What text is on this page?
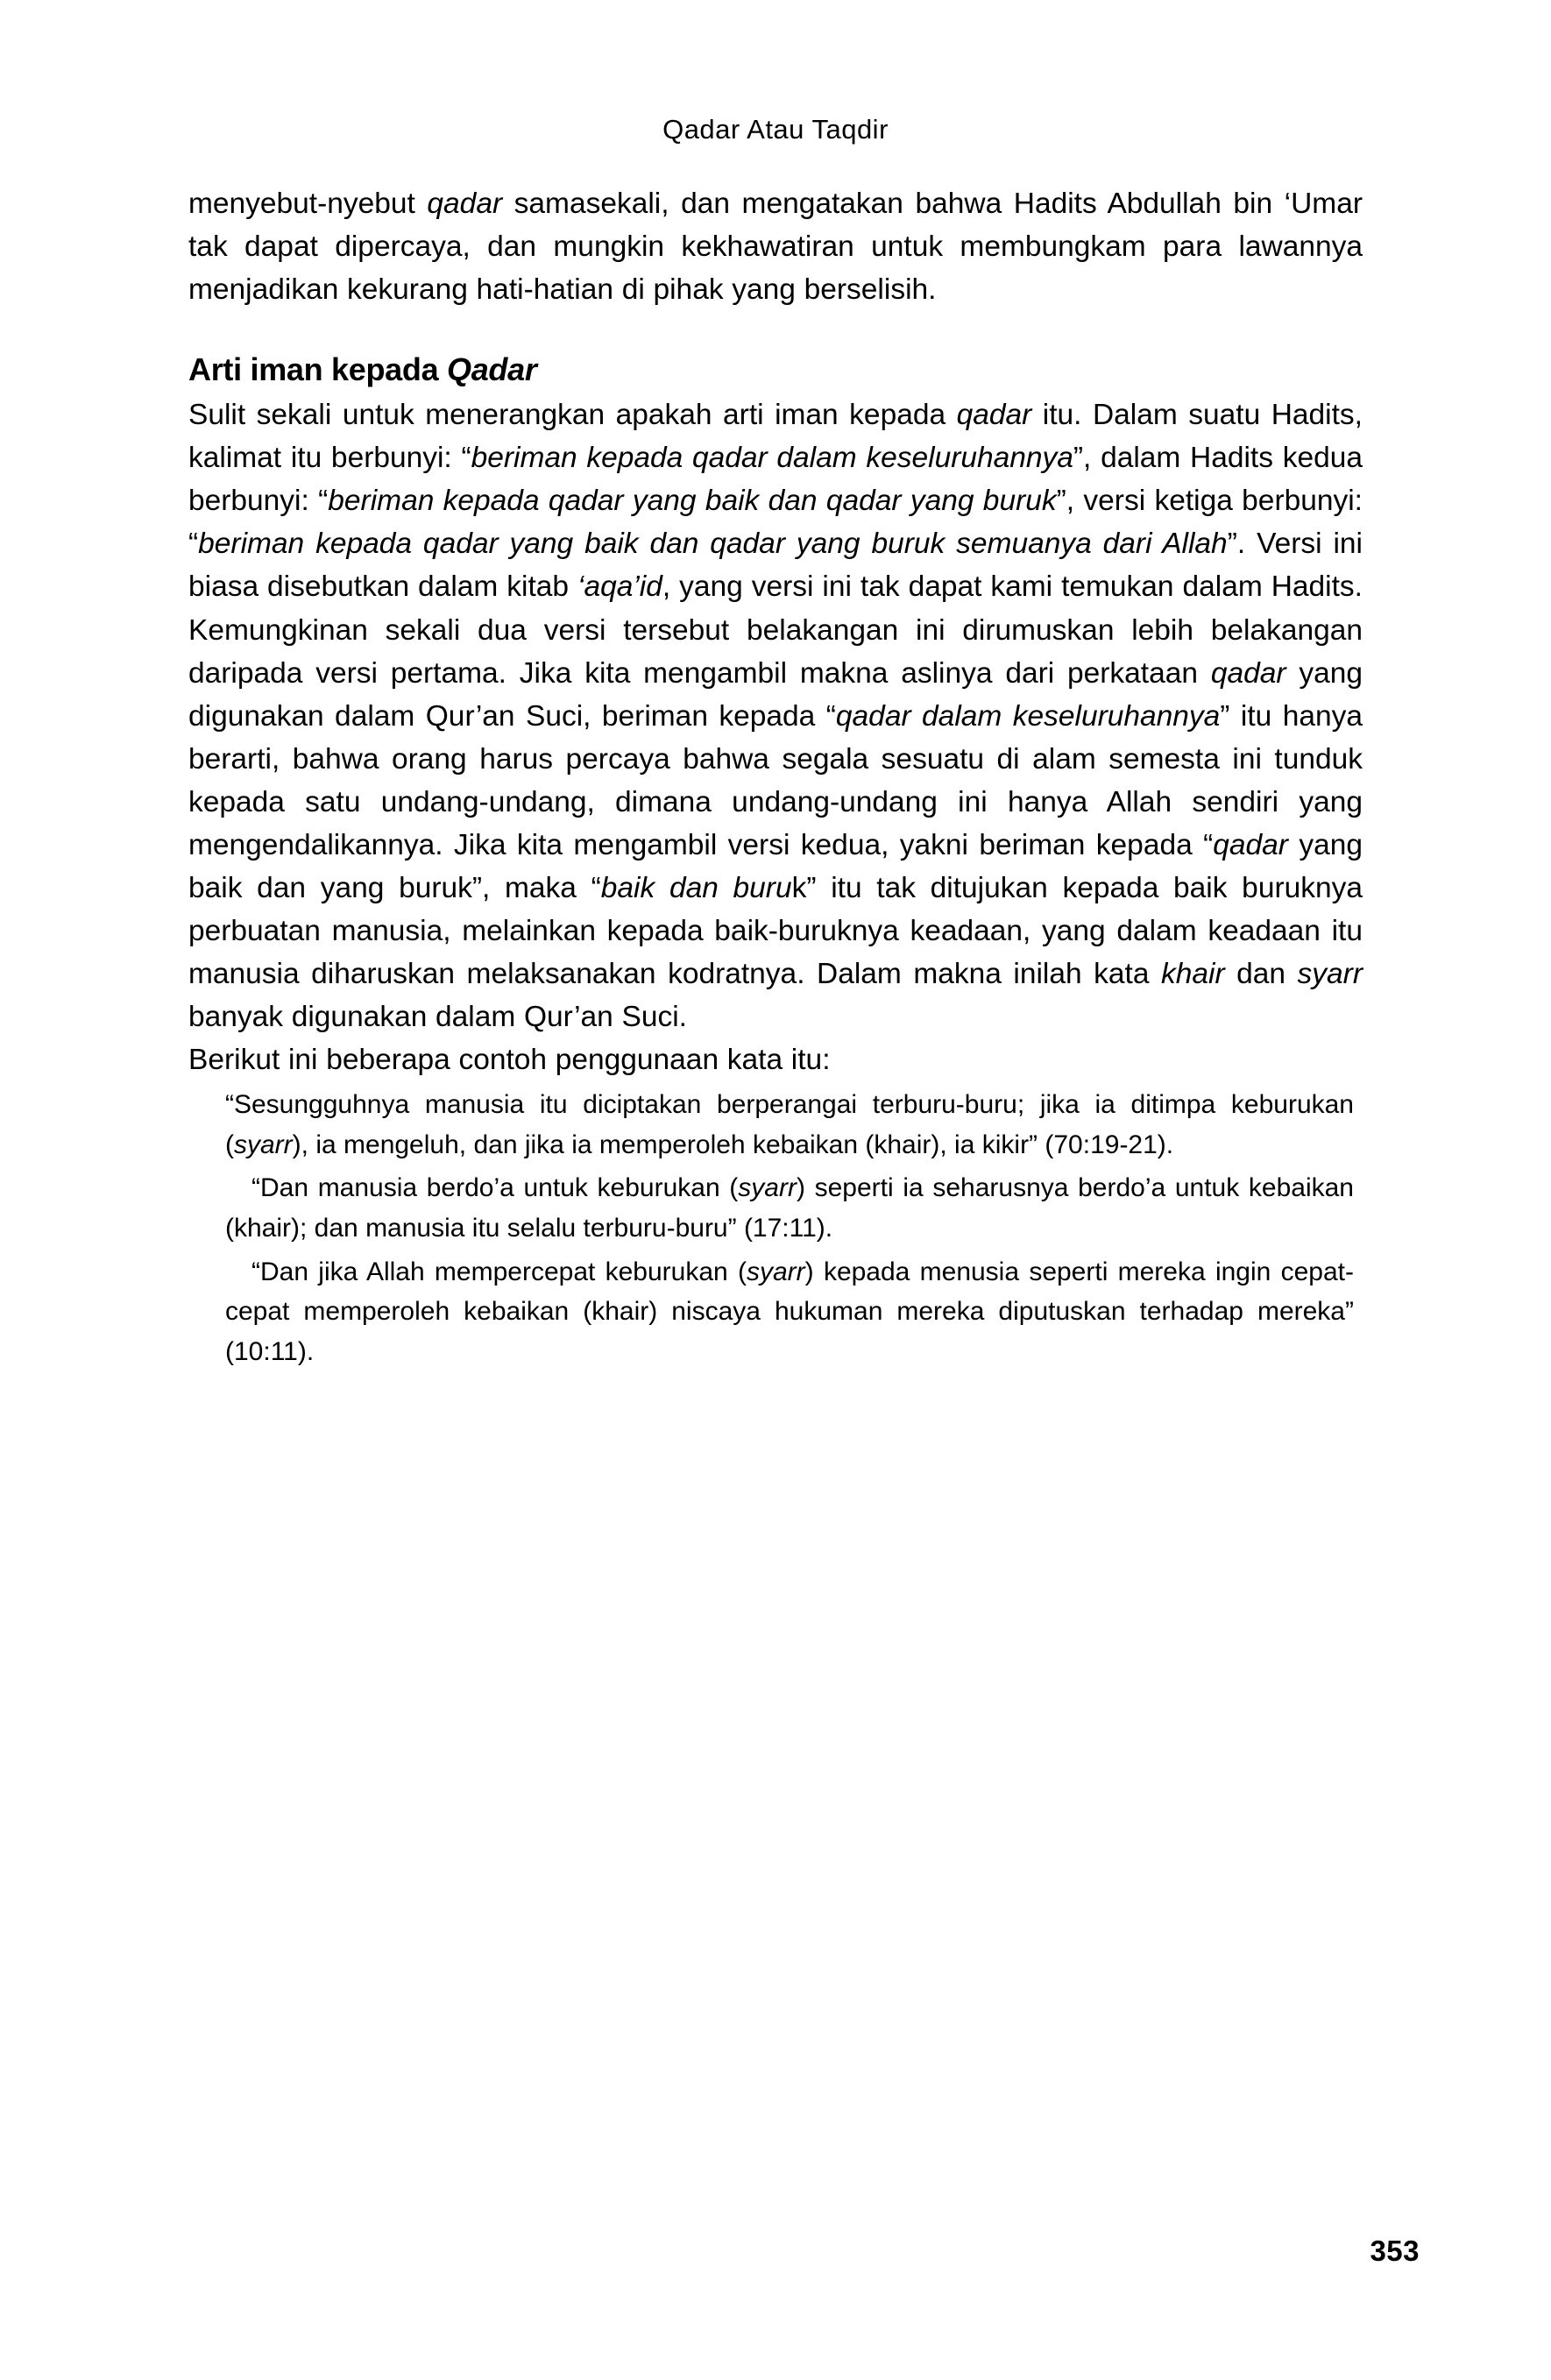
Qadar Atau Taqdir

menyebut-nyebut qadar samasekali, dan mengatakan bahwa Hadits Abdullah bin ‘Umar tak dapat dipercaya, dan mungkin kekhawatiran untuk membungkam para lawannya menjadikan kekurang hati-hatian di pihak yang berselisih.

Arti iman kepada Qadar

Sulit sekali untuk menerangkan apakah arti iman kepada qadar itu. Dalam suatu Hadits, kalimat itu berbunyi: “beriman kepada qadar dalam keseluruhannya”, dalam Hadits kedua berbunyi: “beriman kepada qadar yang baik dan qadar yang buruk”, versi ketiga berbunyi: “beriman kepada qadar yang baik dan qadar yang buruk semuanya dari Allah”. Versi ini biasa disebutkan dalam kitab ‘aqa’id, yang versi ini tak dapat kami temukan dalam Hadits. Kemungkinan sekali dua versi tersebut belakangan ini dirumuskan lebih belakangan daripada versi pertama. Jika kita mengambil makna aslinya dari perkataan qadar yang digunakan dalam Qur’an Suci, beriman kepada “qadar dalam keseluruhannya” itu hanya berarti, bahwa orang harus percaya bahwa segala sesuatu di alam semesta ini tunduk kepada satu undang-undang, dimana undang-undang ini hanya Allah sendiri yang mengendalikannya. Jika kita mengambil versi kedua, yakni beriman kepada “qadar yang baik dan yang buruk”, maka “baik dan buruk” itu tak ditujukan kepada baik buruknya perbuatan manusia, melainkan kepada baik-buruknya keadaan, yang dalam keadaan itu manusia diharuskan melaksanakan kodratnya. Dalam makna inilah kata khair dan syarr banyak digunakan dalam Qur’an Suci.

Berikut ini beberapa contoh penggunaan kata itu:

“Sesungguhnya manusia itu diciptakan berperangai terburu-buru; jika ia ditimpa keburukan (syarr), ia mengeluh, dan jika ia memperoleh kebaikan (khair), ia kikir” (70:19-21).

“Dan manusia berdo’a untuk keburukan (syarr) seperti ia seharusnya berdo’a untuk kebaikan (khair); dan manusia itu selalu terburu-buru” (17:11).

“Dan jika Allah mempercepat keburukan (syarr) kepada menusia seperti mereka ingin cepat-cepat memperoleh kebaikan (khair) niscaya hukuman mereka diputuskan terhadap mereka” (10:11).

353
